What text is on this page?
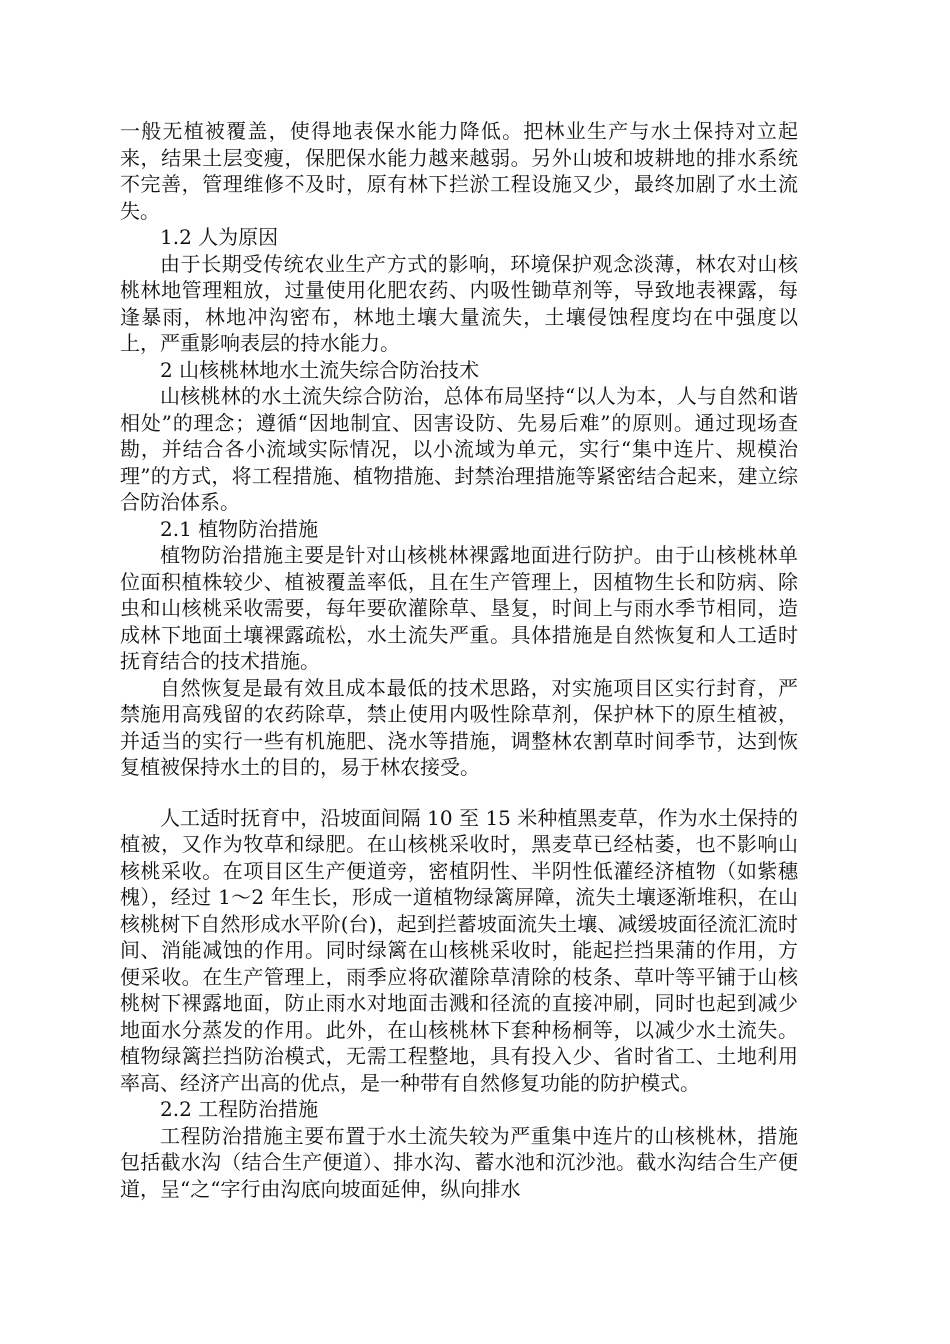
一般无植被覆盖，使得地表保水能力降低。把林业生产与水土保持对立起来，结果土层变瘦，保肥保水能力越来越弱。另外山坡和坡耕地的排水系统不完善，管理维修不及时，原有林下拦淤工程设施又少，最终加剧了水土流失。

1.2 人为原因

由于长期受传统农业生产方式的影响，环境保护观念淡薄，林农对山核桃林地管理粗放，过量使用化肥农药、内吸性锄草剂等，导致地表裸露，每逢暴雨，林地冲沟密布，林地土壤大量流失，土壤侵蚀程度均在中强度以上，严重影响表层的持水能力。

2 山核桃林地水土流失综合防治技术

山核桃林的水土流失综合防治，总体布局坚持“以人为本，人与自然和谐相处”的理念；遵循“因地制宜、因害设防、先易后难”的原则。通过现场查勘，并结合各小流域实际情况，以小流域为单元，实行“集中连片、规模治理”的方式，将工程措施、植物措施、封禁治理措施等紧密结合起来，建立综合防治体系。

2.1 植物防治措施

植物防治措施主要是针对山核桃林裸露地面进行防护。由于山核桃林单位面积植株较少、植被覆盖率低，且在生产管理上，因植物生长和防病、除虫和山核桃采收需要，每年要砍灌除草、垦复，时间上与雨水季节相同，造成林下地面土壤裸露疏松，水土流失严重。具体措施是自然恢复和人工适时抚育结合的技术措施。

自然恢复是最有效且成本最低的技术思路，对实施项目区实行封育，严禁施用高残留的农药除草，禁止使用内吸性除草剂，保护林下的原生植被，并适当的实行一些有机施肥、浇水等措施，调整林农割草时间季节，达到恢复植被保持水土的目的，易于林农接受。

人工适时抚育中，沿坡面间隔 10 至 15 米种植黑麦草，作为水土保持的植被，又作为牧草和绿肥。在山核桃采收时，黑麦草已经枯萎，也不影响山核桃采收。在项目区生产便道旁，密植阴性、半阴性低灌经济植物（如紫穗槐），经过 1～2 年生长，形成一道植物绿篱屏障，流失土壤逐渐堆积，在山核桃树下自然形成水平阶(台)，起到拦蓄坡面流失土壤、减缓坡面径流汇流时间、消能减蚀的作用。同时绿篱在山核桃采收时，能起拦挡果蒲的作用，方便采收。在生产管理上，雨季应将砍灌除草清除的枝条、草叶等平铺于山核桃树下裸露地面，防止雨水对地面击溅和径流的直接冲刷，同时也起到减少地面水分蒸发的作用。此外，在山核桃林下套种杨桐等，以减少水土流失。植物绿篱拦挡防治模式，无需工程整地，具有投入少、省时省工、土地利用率高、经济产出高的优点，是一种带有自然修复功能的防护模式。

2.2 工程防治措施

工程防治措施主要布置于水土流失较为严重集中连片的山核桃林，措施包括截水沟（结合生产便道）、排水沟、蓄水池和沉沙池。截水沟结合生产便道，呈“之“字行由沟底向坡面延伸，纵向排水
